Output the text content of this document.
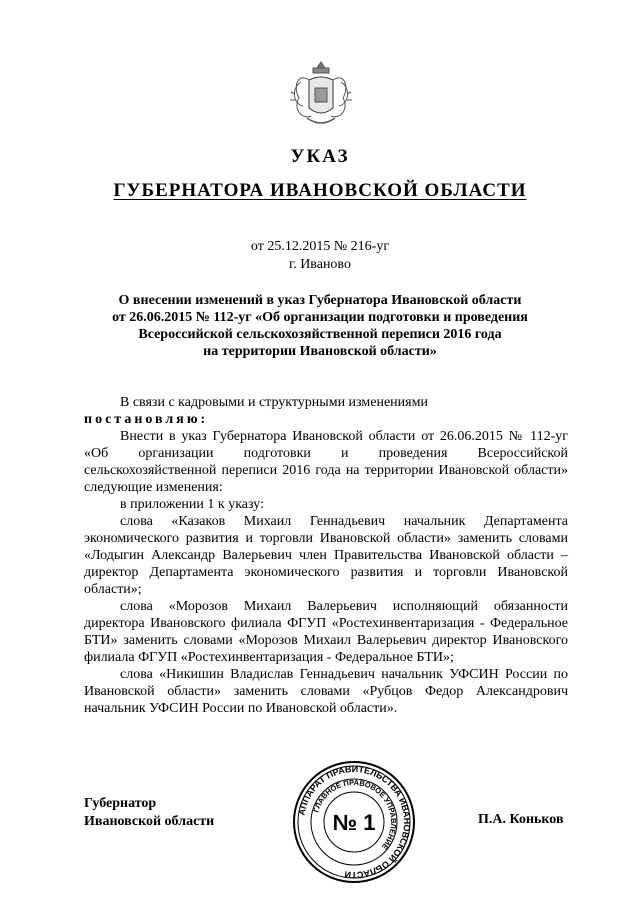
УКАЗ
ГУБЕРНАТОРА ИВАНОВСКОЙ ОБЛАСТИ
от 25.12.2015 № 216-уг
г. Иваново
О внесении изменений в указ Губернатора Ивановской области
от 26.06.2015 № 112-уг «Об организации подготовки и проведения
Всероссийской сельскохозяйственной переписи 2016 года
на территории Ивановской области»

В связи с кадровыми и структурными изменениями
постановляю:

Внести в указ Губернатора Ивановской области от 26.06.2015 № 112-уг «Об организации подготовки и проведения Всероссийской сельскохозяйственной переписи 2016 года на территории Ивановской области» следующие изменения:

в приложении 1 к указу:

слова «Казаков Михаил Геннадьевич начальник Департамента экономического развития и торговли Ивановской области» заменить словами «Лодыгин Александр Валерьевич член Правительства Ивановской области – директор Департамента экономического развития и торговли Ивановской области»;

слова «Морозов Михаил Валерьевич исполняющий обязанности директора Ивановского филиала ФГУП «Ростехинвентаризация - Федеральное БТИ» заменить словами «Морозов Михаил Валерьевич директор Ивановского филиала ФГУП «Ростехинвентаризация - Федеральное БТИ»;

слова «Никишин Владислав Геннадьевич начальник УФСИН России по Ивановской области» заменить словами «Рубцов Федор Александрович начальник УФСИН России по Ивановской области».

Губернатор
Ивановской области
АППАРАТ ПРАВИТЕЛЬСТВА ИВАНОВСКОЙ ОБЛАСТИ
ГЛАВНОЕ ПРАВОВОЕ УПРАВЛЕНИЕ
№ 1	П.А. Коньков
